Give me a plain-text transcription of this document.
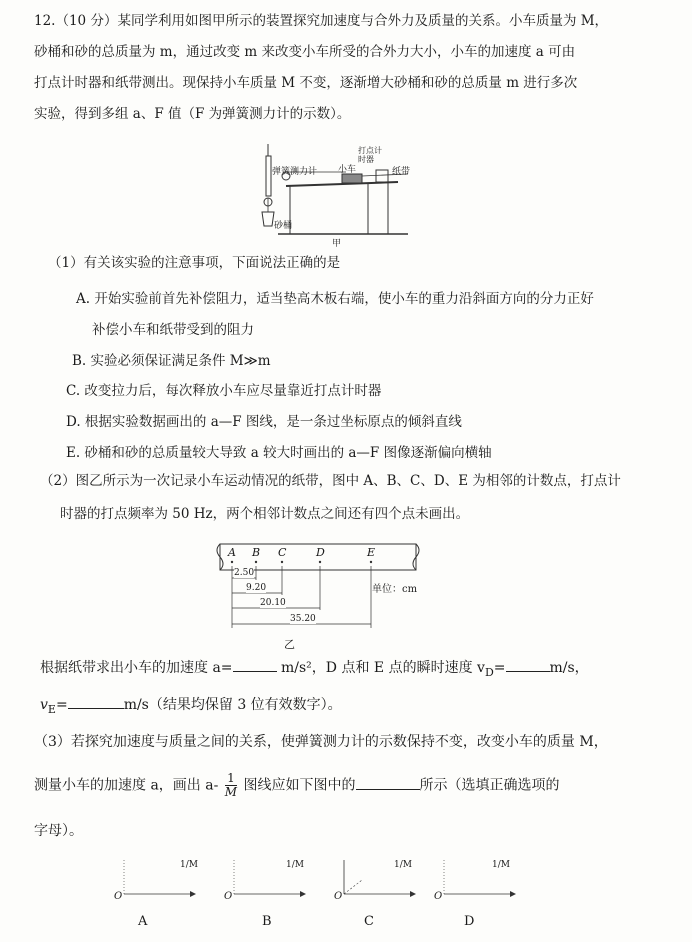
12.（10 分）某同学利用如图甲所示的装置探究加速度与合外力及质量的关系。小车质量为 M，
砂桶和砂的总质量为 m，通过改变 m 来改变小车所受的合外力大小，小车的加速度 a 可由
打点计时器和纸带测出。现保持小车质量 M 不变，逐渐增大砂桶和砂的总质量 m 进行多次
实验，得到多组 a、F 值（F 为弹簧测力计的示数）。
弹簧测力计 小车
打点计时器
纸带
砂桶
甲
（1）有关该实验的注意事项，下面说法正确的是
A. 开始实验前首先补偿阻力，适当垫高木板右端，使小车的重力沿斜面方向的分力正好
补偿小车和纸带受到的阻力
B. 实验必须保证满足条件 M≫m
C. 改变拉力后，每次释放小车应尽量靠近打点计时器
D. 根据实验数据画出的 a—F 图线，是一条过坐标原点的倾斜直线
E. 砂桶和砂的总质量较大导致 a 较大时画出的 a—F 图像逐渐偏向横轴
（2）图乙所示为一次记录小车运动情况的纸带，图中 A、B、C、D、E 为相邻的计数点，打点计
时器的打点频率为 50 Hz，两个相邻计数点之间还有四个点未画出。
A B C	D	E
2.50
9.20
20.10
35.20
单位：cm
乙
根据纸带求出小车的加速度 a=	m/s²，D 点和 E 点的瞬时速度 $v_D=$	m/s，
$v_E=$	m/s（结果均保留 3 位有效数字）。
（3）若探究加速度与质量之间的关系，使弹簧测力计的示数保持不变，改变小车的质量 M，
测量小车的加速度 a，画出 $a- \frac{1}{M}$ 图线应如下图中的	所示（选填正确选项的
字母）。
O
1/M
A
O
1/M
B
O
1/M
C
O
1/M
D
